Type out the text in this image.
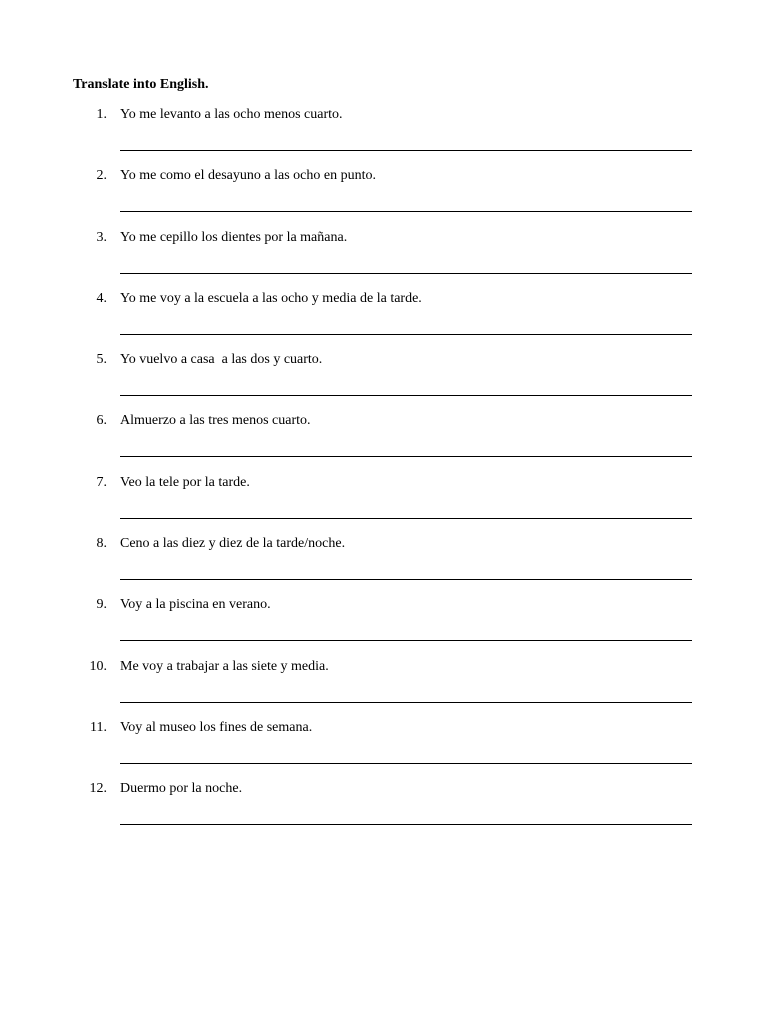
Translate into English.
1. Yo me levanto a las ocho menos cuarto.
2. Yo me como el desayuno a las ocho en punto.
3. Yo me cepillo los dientes por la mañana.
4. Yo me voy a la escuela a las ocho y media de la tarde.
5. Yo vuelvo a casa  a las dos y cuarto.
6. Almuerzo a las tres menos cuarto.
7. Veo la tele por la tarde.
8. Ceno a las diez y diez de la tarde/noche.
9. Voy a la piscina en verano.
10. Me voy a trabajar a las siete y media.
11. Voy al museo los fines de semana.
12. Duermo por la noche.
